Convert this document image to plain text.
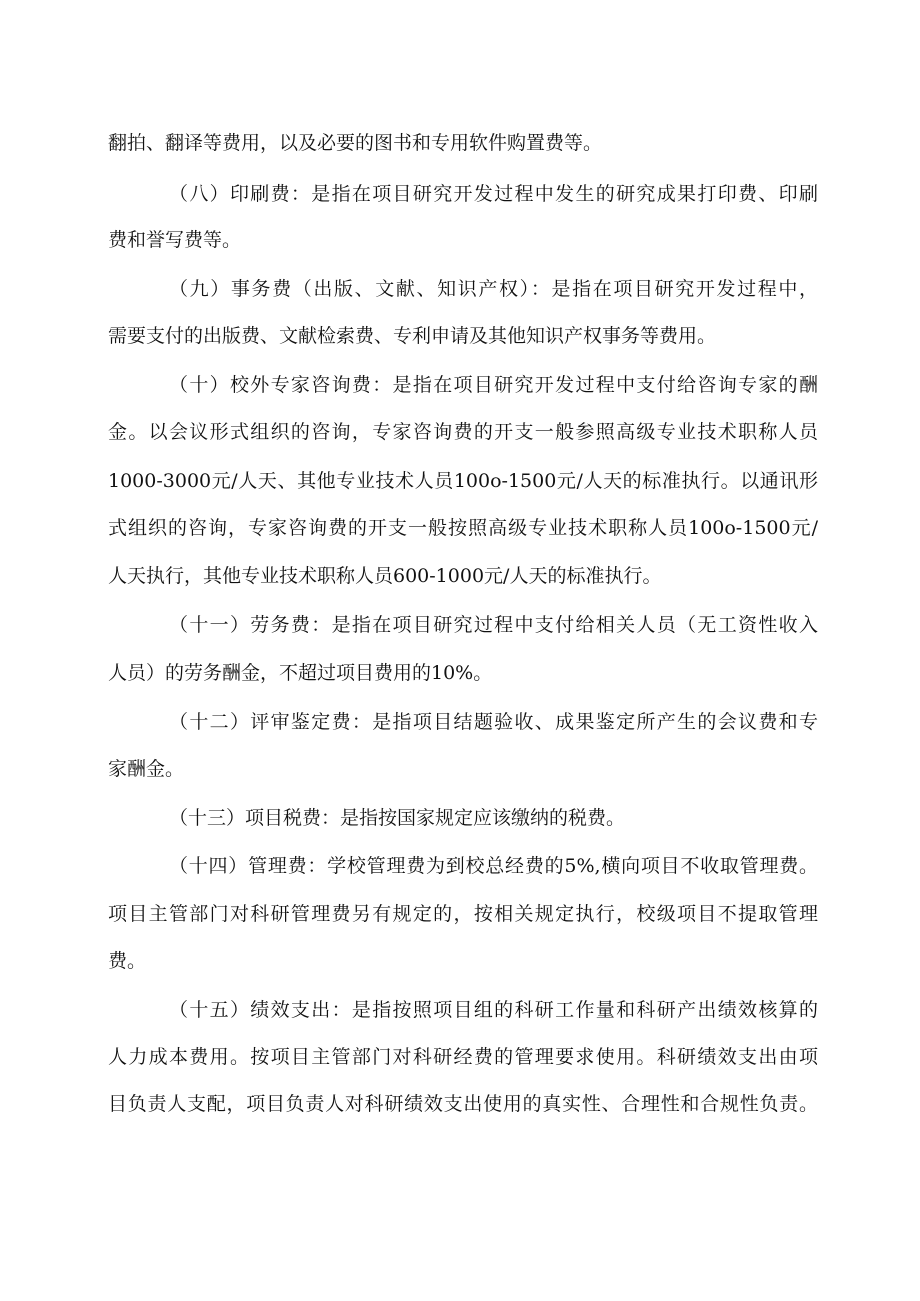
翻拍、翻译等费用，以及必要的图书和专用软件购置费等。
（八）印刷费：是指在项目研究开发过程中发生的研究成果打印费、印刷
费和誉写费等。
（九）事务费（出版、文献、知识产权）：是指在项目研究开发过程中，
需要支付的出版费、文献检索费、专利申请及其他知识产权事务等费用。
（十）校外专家咨询费：是指在项目研究开发过程中支付给咨询专家的酬
金。以会议形式组织的咨询，专家咨询费的开支一般参照高级专业技术职称人员
1000-3000元/人天、其他专业技术人员100o-1500元/人天的标准执行。以通讯形
式组织的咨询，专家咨询费的开支一般按照高级专业技术职称人员100o-1500元/
人天执行，其他专业技术职称人员600-1000元/人天的标准执行。
（十一）劳务费：是指在项目研究过程中支付给相关人员（无工资性收入
人员）的劳务酬金，不超过项目费用的10%。
（十二）评审鉴定费：是指项目结题验收、成果鉴定所产生的会议费和专
家酬金。
（十三）项目税费：是指按国家规定应该缴纳的税费。
（十四）管理费：学校管理费为到校总经费的5%,横向项目不收取管理费。
项目主管部门对科研管理费另有规定的，按相关规定执行，校级项目不提取管理
费。
（十五）绩效支出：是指按照项目组的科研工作量和科研产出绩效核算的
人力成本费用。按项目主管部门对科研经费的管理要求使用。科研绩效支出由项
目负责人支配，项目负责人对科研绩效支出使用的真实性、合理性和合规性负责。
